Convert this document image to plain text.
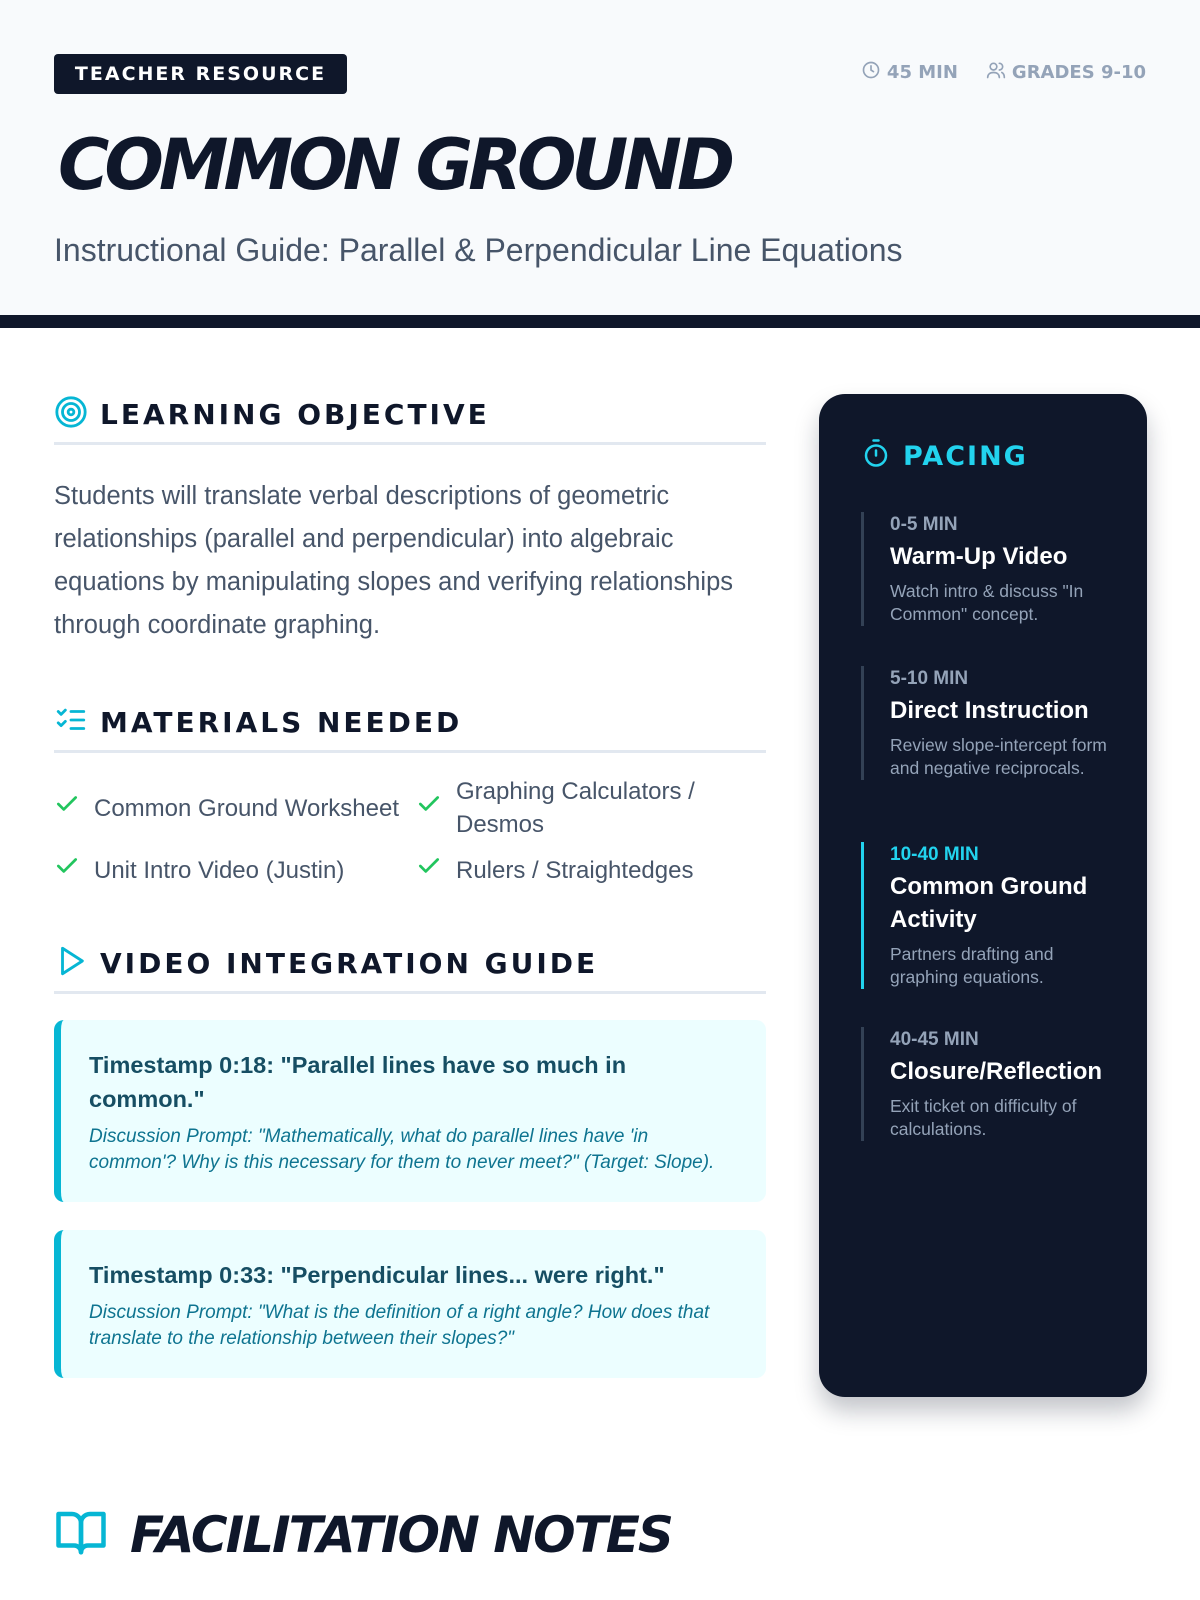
TEACHER RESOURCE	45 MIN	GRADES 9-10
COMMON GROUND
Instructional Guide: Parallel & Perpendicular Line Equations
LEARNING OBJECTIVE

Students will translate verbal descriptions of geometric relationships (parallel and perpendicular) into algebraic equations by manipulating slopes and verifying relationships through coordinate graphing.

MATERIALS NEEDED
Common Ground Worksheet
Graphing Calculators / Desmos
Unit Intro Video (Justin)	Rulers / Straightedges
VIDEO INTEGRATION GUIDE
Timestamp 0:18: "Parallel lines have so much in common."
Discussion Prompt: "Mathematically, what do parallel lines have 'in common'? Why is this necessary for them to never meet?" (Target: Slope).
Timestamp 0:33: "Perpendicular lines... were right."
Discussion Prompt: "What is the definition of a right angle? How does that translate to the relationship between their slopes?"
PACING
0-5 MIN
Warm-Up Video
Watch intro & discuss "In Common" concept.
5-10 MIN
Direct Instruction
Review slope-intercept form and negative reciprocals.
10-40 MIN
Common Ground Activity
Partners drafting and graphing equations.
40-45 MIN
Closure/Reflection
Exit ticket on difficulty of calculations.
FACILITATION NOTES
